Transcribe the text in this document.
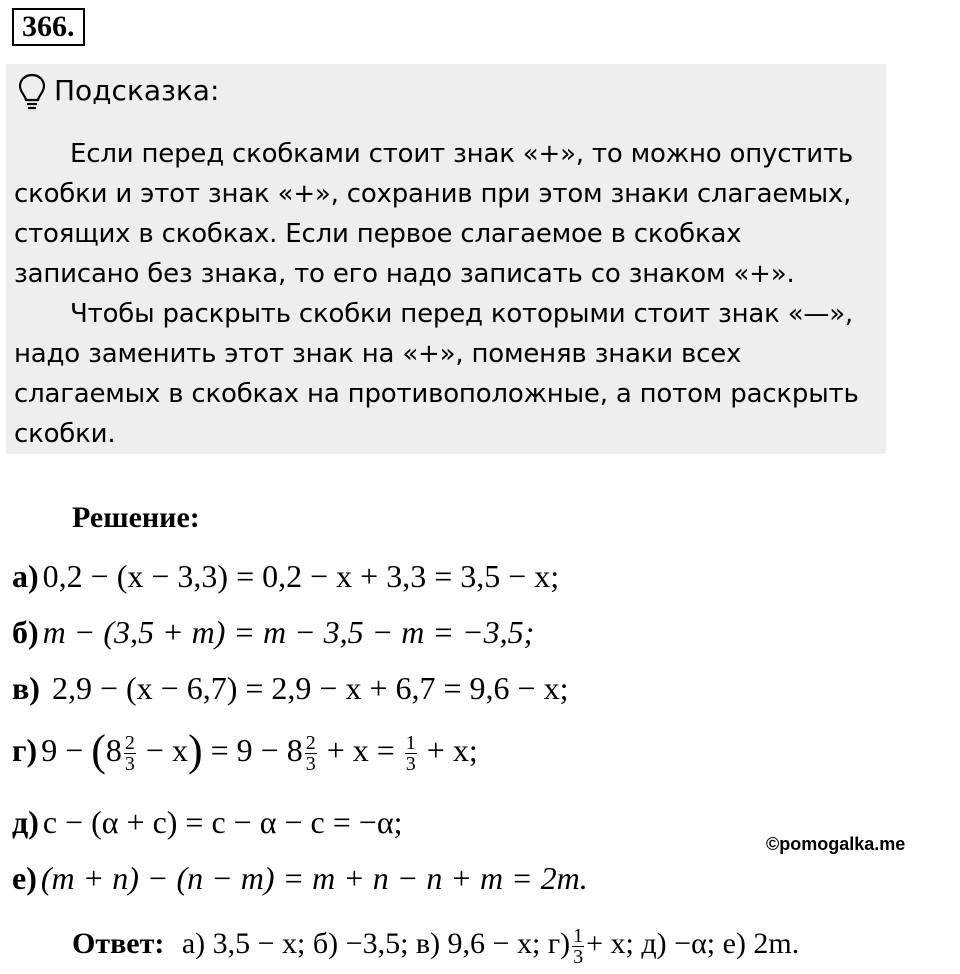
366.
Подсказка:

Если перед скобками стоит знак «+», то можно опустить
скобки и этот знак «+», сохранив при этом знаки слагаемых,
стоящих в скобках. Если первое слагаемое в скобках
записано без знака, то его надо записать со знаком «+».

Чтобы раскрыть скобки перед которыми стоит знак «—»,
надо заменить этот знак на «+», поменяв знаки всех
слагаемых в скобках на противоположные, а потом раскрыть
скобки.

Решение:
а) 0,2 − (x − 3,3) = 0,2 − x + 3,3 = 3,5 − x;
б) m − (3,5 + m) = m − 3,5 − m = −3,5;
в) 2,9 − (x − 6,7) = 2,9 − x + 6,7 = 9,6 − x;
г) $9 - (8 \frac{2}{3} - x) = 9 - 8 \frac{2}{3} + x = \frac{1}{3} + x$;
д) c − (α + c) = c − α − c = −α;
е) (m + n) − (n − m) = m + n − n + m = 2m.
©pomogalka.me
Ответ: а) 3,5 − x; б) −3,5; в) 9,6 − x; $г) \frac{1}{3} + x$; д) −α; е) 2m.
